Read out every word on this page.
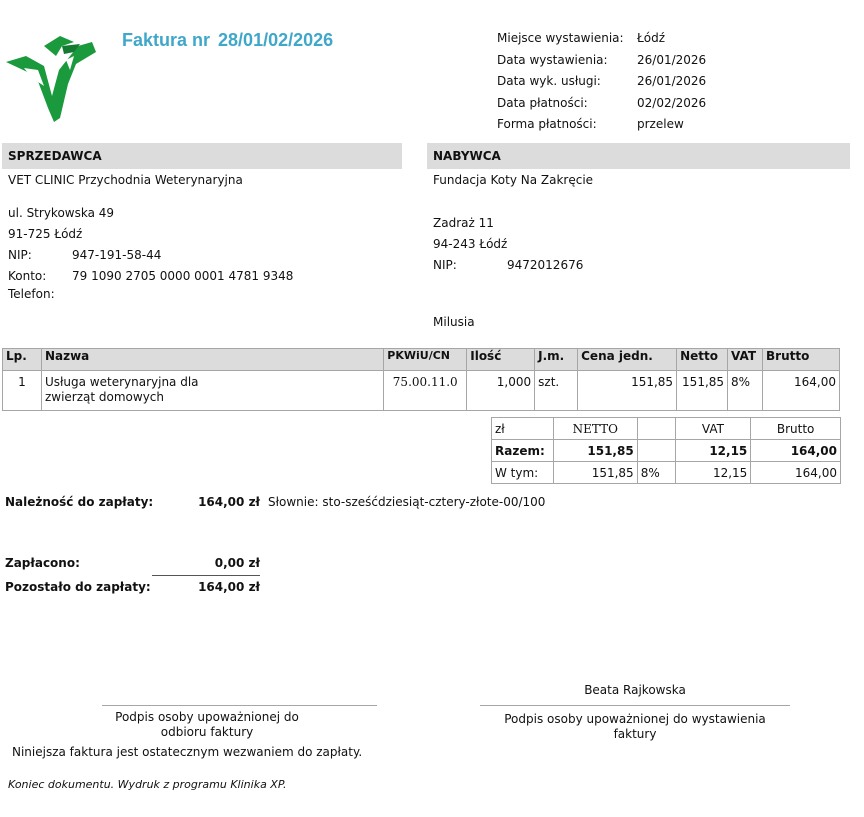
Faktura nr 28/01/02/2026	Miejsce wystawienia: Łódź
Data wystawienia: 26/01/2026
Data wyk. usługi:	26/01/2026
Data płatności:	02/02/2026
Forma płatności:	przelew
SPRZEDAWCA
VET CLINIC Przychodnia Weterynaryjna
ul. Strykowska 49
91-725 Łódź
NIP:	947-191-58-44
Konto: 79 1090 2705 0000 0001 4781 9348
Telefon:
NABYWCA
Fundacja Koty Na Zakręcie
Zadraż 11
94-243 Łódź
NIP:	9472012676
Milusia
Lp.	Nazwa	PKWiU/CN	Ilość	J.m.	Cena jedn.	Netto	VAT	Brutto
1	Usługa weterynaryjna dla
zwierząt domowych	75.00.11.0	1,000	szt.	151,85	151,85	8%	164,00
zł	NETTO		VAT	Brutto
Razem:	151,85		12,15	164,00
W tym:	151,85	8%	12,15	164,00
Należność do zapłaty:	164,00 zł Słownie: sto-sześćdziesiąt-cztery-złote-00/100
Zapłacono:	0,00 zł
Pozostało do zapłaty:	164,00 zł
Beata Rajkowska
Podpis osoby upoważnionej do
odbioru faktury
Podpis osoby upoważnionej do wystawienia
faktury
Niniejsza faktura jest ostatecznym wezwaniem do zapłaty.
Koniec dokumentu. Wydruk z programu Klinika XP.
